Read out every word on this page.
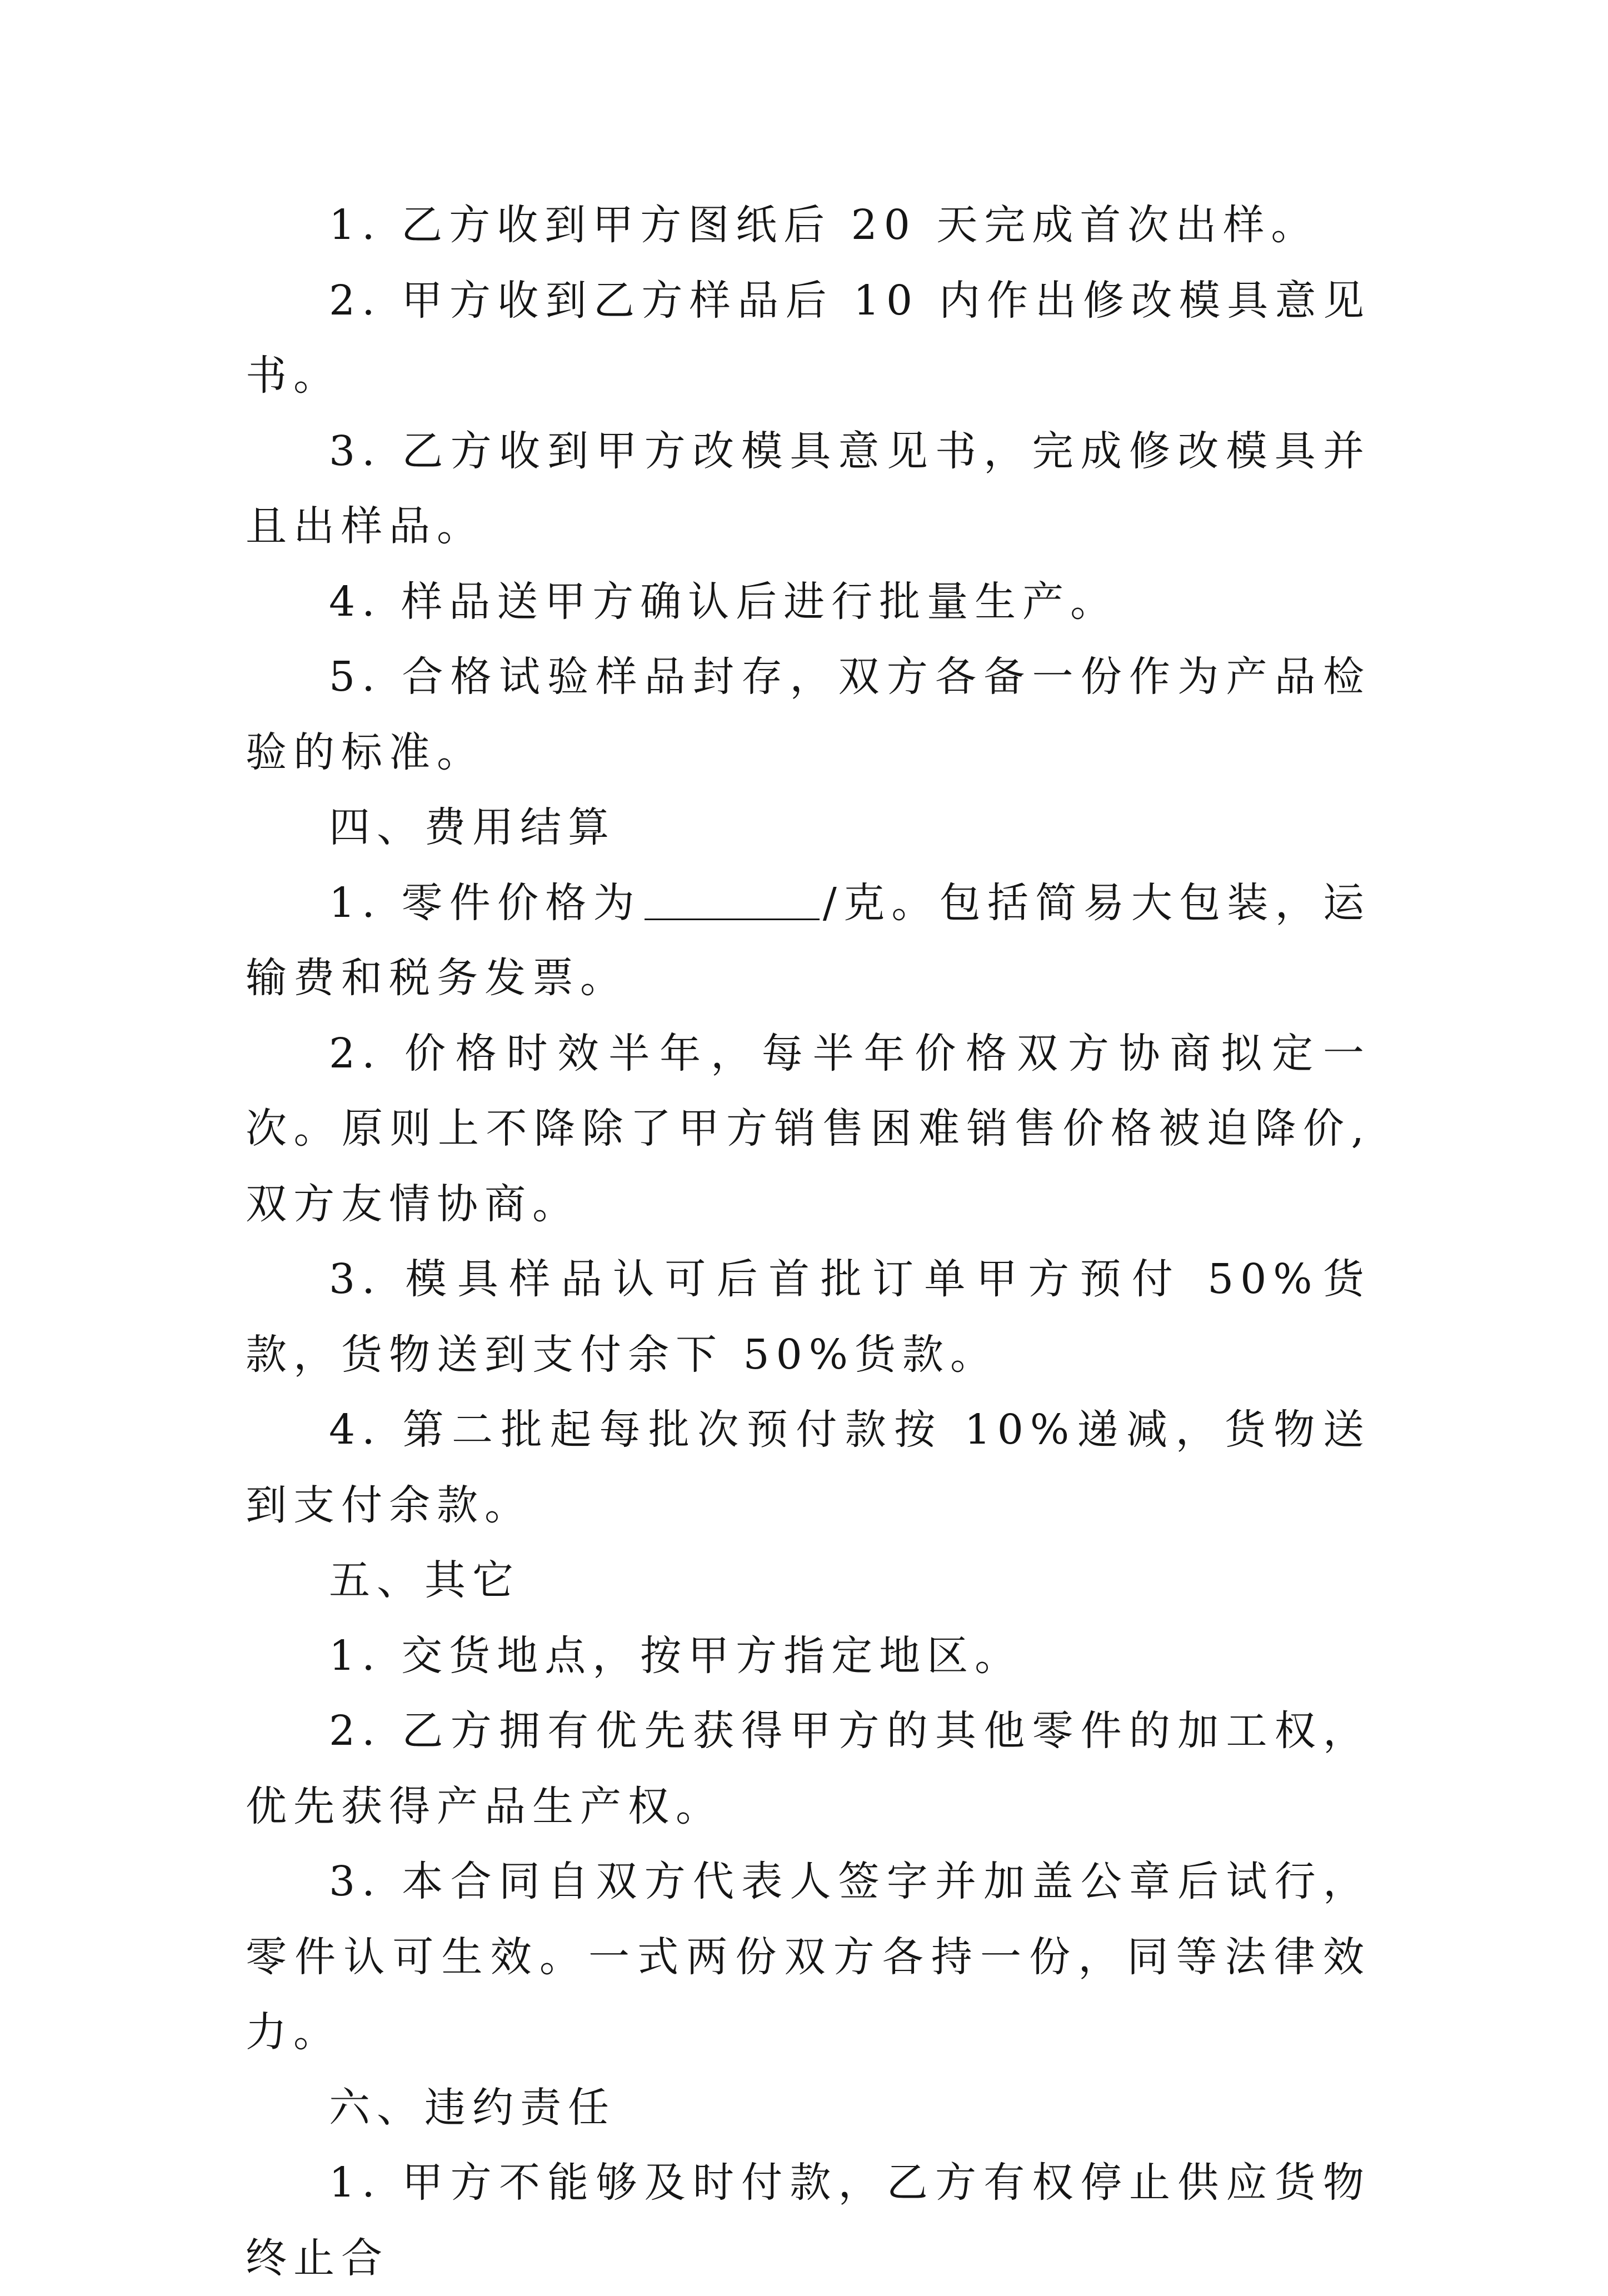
1. 乙方收到甲方图纸后 20 天完成首次出样。

2. 甲方收到乙方样品后 10 内作出修改模具意见书。

3. 乙方收到甲方改模具意见书，完成修改模具并且出样品。

4. 样品送甲方确认后进行批量生产。

5. 合格试验样品封存，双方各备一份作为产品检验的标准。

四、费用结算

1. 零件价格为	/克。包括简易大包装，运输费和税务发票。

2. 价格时效半年，每半年价格双方协商拟定一次。原则上不降除了甲方销售困难销售价格被迫降价,双方友情协商。

3. 模具样品认可后首批订单甲方预付 50%货款，货物送到支付余下 50%货款。

4. 第二批起每批次预付款按 10%递减，货物送到支付余款。

五、其它

1. 交货地点，按甲方指定地区。

2. 乙方拥有优先获得甲方的其他零件的加工权，优先获得产品生产权。

3. 本合同自双方代表人签字并加盖公章后试行，零件认可生效。一式两份双方各持一份，同等法律效力。

六、违约责任

1. 甲方不能够及时付款，乙方有权停止供应货物终止合
